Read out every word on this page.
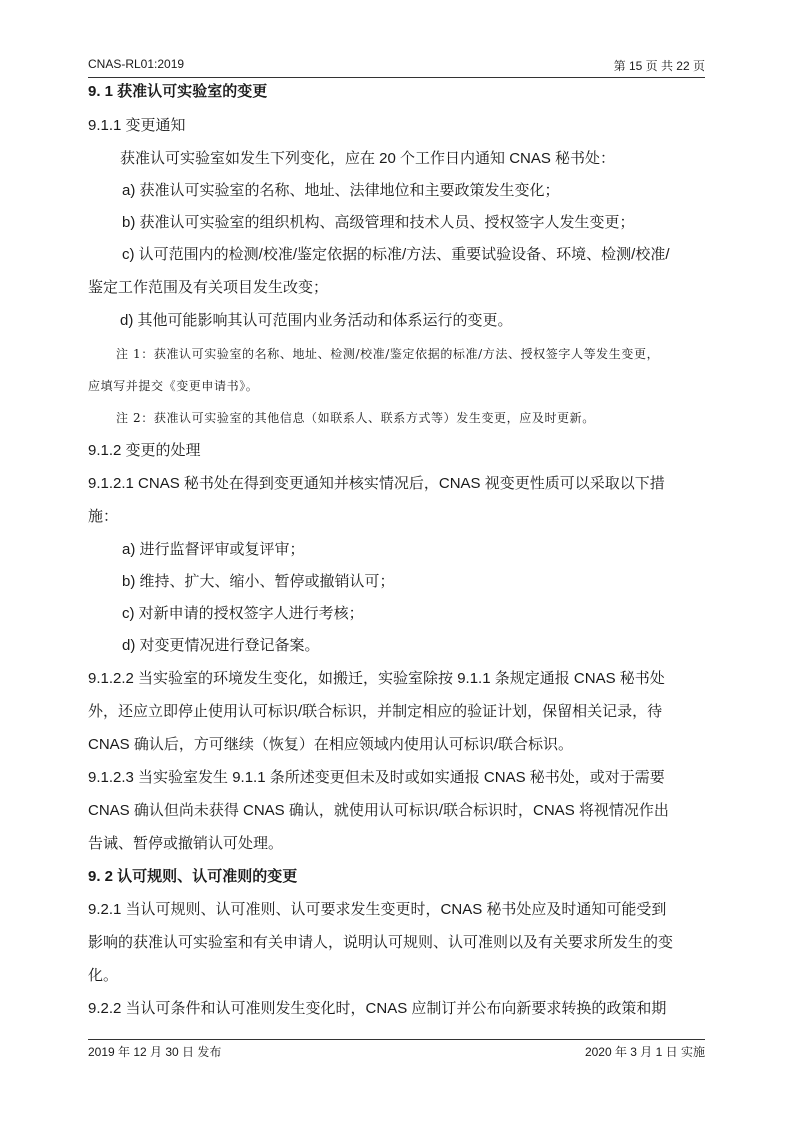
CNAS-RL01:2019	第 15 页 共 22 页
9. 1 获准认可实验室的变更
9.1.1 变更通知
获准认可实验室如发生下列变化，应在 20 个工作日内通知 CNAS 秘书处：
a) 获准认可实验室的名称、地址、法律地位和主要政策发生变化；
b) 获准认可实验室的组织机构、高级管理和技术人员、授权签字人发生变更；
c) 认可范围内的检测/校准/鉴定依据的标准/方法、重要试验设备、环境、检测/校准/
鉴定工作范围及有关项目发生改变；
d) 其他可能影响其认可范围内业务活动和体系运行的变更。
注 1：获准认可实验室的名称、地址、检测/校准/鉴定依据的标准/方法、授权签字人等发生变更，
应填写并提交《变更申请书》。
注 2：获准认可实验室的其他信息（如联系人、联系方式等）发生变更，应及时更新。
9.1.2 变更的处理
9.1.2.1 CNAS 秘书处在得到变更通知并核实情况后，CNAS 视变更性质可以采取以下措
施：
a) 进行监督评审或复评审；
b) 维持、扩大、缩小、暂停或撤销认可；
c) 对新申请的授权签字人进行考核；
d) 对变更情况进行登记备案。
9.1.2.2 当实验室的环境发生变化，如搬迁，实验室除按 9.1.1 条规定通报 CNAS 秘书处
外，还应立即停止使用认可标识/联合标识，并制定相应的验证计划，保留相关记录，待
CNAS 确认后，方可继续（恢复）在相应领域内使用认可标识/联合标识。
9.1.2.3 当实验室发生 9.1.1 条所述变更但未及时或如实通报 CNAS 秘书处，或对于需要
CNAS 确认但尚未获得 CNAS 确认，就使用认可标识/联合标识时，CNAS 将视情况作出
告诫、暂停或撤销认可处理。
9. 2 认可规则、认可准则的变更
9.2.1 当认可规则、认可准则、认可要求发生变更时，CNAS 秘书处应及时通知可能受到
影响的获准认可实验室和有关申请人，说明认可规则、认可准则以及有关要求所发生的变
化。
9.2.2 当认可条件和认可准则发生变化时，CNAS 应制订并公布向新要求转换的政策和期
2019 年 12 月 30 日 发布	2020 年 3 月 1 日 实施
